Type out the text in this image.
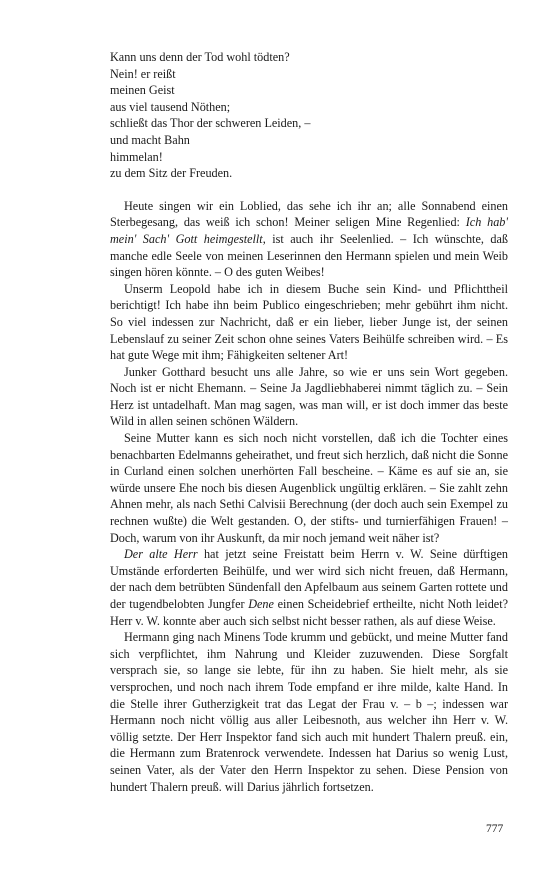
Kann uns denn der Tod wohl tödten?

Nein! er reißt

meinen Geist

aus viel tausend Nöthen;

schließt das Thor der schweren Leiden, –

und macht Bahn

himmelan!

zu dem Sitz der Freuden.

Heute singen wir ein Loblied, das sehe ich ihr an; alle Sonnabend einen Sterbegesang, das weiß ich schon! Meiner seligen Mine Regenlied: Ich hab' mein' Sach' Gott heimgestellt, ist auch ihr Seelenlied. – Ich wünschte, daß manche edle Seele von meinen Leserinnen den Hermann spielen und mein Weib singen hören könnte. – O des guten Weibes!

Unserm Leopold habe ich in diesem Buche sein Kind- und Pflichttheil berichtigt! Ich habe ihn beim Publico eingeschrieben; mehr gebührt ihm nicht. So viel indessen zur Nachricht, daß er ein lieber, lieber Junge ist, der seinen Lebenslauf zu seiner Zeit schon ohne seines Vaters Beihülfe schreiben wird. – Es hat gute Wege mit ihm; Fähigkeiten seltener Art!

Junker Gotthard besucht uns alle Jahre, so wie er uns sein Wort gegeben. Noch ist er nicht Ehemann. – Seine Ja Jagdliebhaberei nimmt täglich zu. – Sein Herz ist untadelhaft. Man mag sagen, was man will, er ist doch immer das beste Wild in allen seinen schönen Wäldern.

Seine Mutter kann es sich noch nicht vorstellen, daß ich die Tochter eines benachbarten Edelmanns geheirathet, und freut sich herzlich, daß nicht die Sonne in Curland einen solchen unerhörten Fall bescheine. – Käme es auf sie an, sie würde unsere Ehe noch bis diesen Augenblick ungültig erklären. – Sie zahlt zehn Ahnen mehr, als nach Sethi Calvisii Berechnung (der doch auch sein Exempel zu rechnen wußte) die Welt gestanden. O, der stifts- und turnierfähigen Frauen! – Doch, warum von ihr Auskunft, da mir noch jemand weit näher ist?

Der alte Herr hat jetzt seine Freistatt beim Herrn v. W. Seine dürftigen Umstände erforderten Beihülfe, und wer wird sich nicht freuen, daß Hermann, der nach dem betrübten Sündenfall den Apfelbaum aus seinem Garten rottete und der tugendbelobten Jungfer Dene einen Scheidebrief ertheilte, nicht Noth leidet? Herr v. W. konnte aber auch sich selbst nicht besser rathen, als auf diese Weise.

Hermann ging nach Minens Tode krumm und gebückt, und meine Mutter fand sich verpflichtet, ihm Nahrung und Kleider zuzuwenden. Diese Sorgfalt versprach sie, so lange sie lebte, für ihn zu haben. Sie hielt mehr, als sie versprochen, und noch nach ihrem Tode empfand er ihre milde, kalte Hand. In die Stelle ihrer Gutherzigkeit trat das Legat der Frau v. – b –; indessen war Hermann noch nicht völlig aus aller Leibesnoth, aus welcher ihn Herr v. W. völlig setzte. Der Herr Inspektor fand sich auch mit hundert Thalern preuß. ein, die Hermann zum Bratenrock verwendete. Indessen hat Darius so wenig Lust, seinen Vater, als der Vater den Herrn Inspektor zu sehen. Diese Pension von hundert Thalern preuß. will Darius jährlich fortsetzen.

777
